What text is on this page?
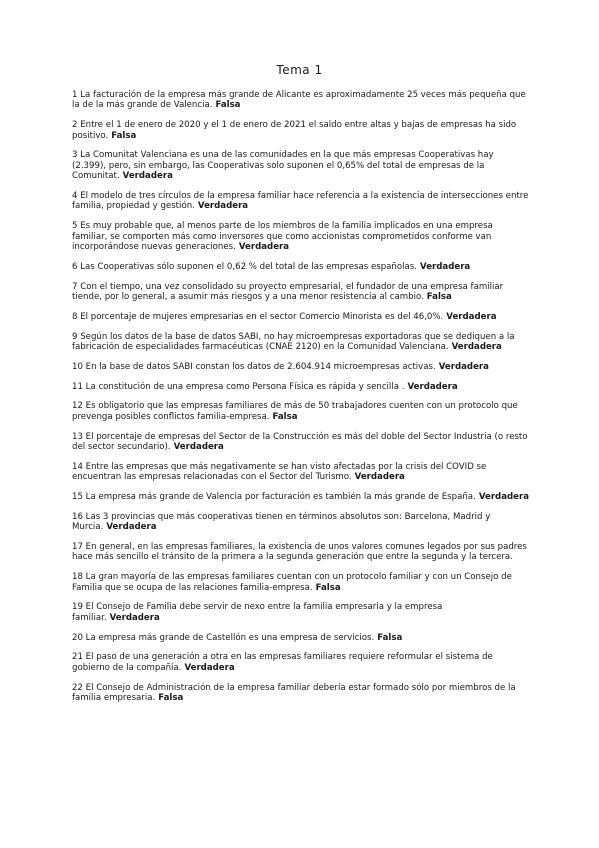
Tema 1
1 La facturación de la empresa más grande de Alicante es aproximadamente 25 veces más pequeña que la de la más grande de Valencia. Falsa
2 Entre el 1 de enero de 2020 y el 1 de enero de 2021 el saldo entre altas y bajas de empresas ha sido positivo. Falsa
3 La Comunitat Valenciana es una de las comunidades en la que más empresas Cooperativas hay (2.399), pero, sin embargo, las Cooperativas solo suponen el 0,65% del total de empresas de la Comunitat. Verdadera
4 El modelo de tres círculos de la empresa familiar hace referencia a la existencia de intersecciones entre familia, propiedad y gestión. Verdadera
5 Es muy probable que, al menos parte de los miembros de la familia implicados en una empresa familiar, se comporten más como inversores que como accionistas comprometidos conforme van incorporándose nuevas generaciones. Verdadera
6 Las Cooperativas sólo suponen el 0,62 % del total de las empresas españolas. Verdadera
7 Con el tiempo, una vez consolidado su proyecto empresarial, el fundador de una empresa familiar tiende, por lo general, a asumir más riesgos y a una menor resistencia al cambio. Falsa
8 El porcentaje de mujeres empresarias en el sector Comercio Minorista es del 46,0%. Verdadera
9 Según los datos de la base de datos SABI, no hay microempresas exportadoras que se dediquen a la fabricación de especialidades farmacéuticas (CNAE 2120) en la Comunidad Valenciana. Verdadera
10 En la base de datos SABI constan los datos de 2.604.914 microempresas activas. Verdadera
11 La constitución de una empresa como Persona Física es rápida y sencilla . Verdadera
12 Es obligatorio que las empresas familiares de más de 50 trabajadores cuenten con un protocolo que prevenga posibles conflictos familia-empresa. Falsa
13 El porcentaje de empresas del Sector de la Construcción es más del doble del Sector Industria (o resto del sector secundario). Verdadera
14 Entre las empresas que más negativamente se han visto afectadas por la crisis del COVID se encuentran las empresas relacionadas con el Sector del Turismo. Verdadera
15 La empresa más grande de Valencia por facturación es también la más grande de España. Verdadera
16 Las 3 provincias que más cooperativas tienen en términos absolutos son: Barcelona, Madrid y Murcia. Verdadera
17 En general, en las empresas familiares, la existencia de unos valores comunes legados por sus padres hace más sencillo el tránsito de la primera a la segunda generación que entre la segunda y la tercera.
18 La gran mayoría de las empresas familiares cuentan con un protocolo familiar y con un Consejo de Familia que se ocupa de las relaciones familia-empresa. Falsa
19 El Consejo de Familia debe servir de nexo entre la familia empresaria y la empresa familiar. Verdadera
20 La empresa más grande de Castellón es una empresa de servicios. Falsa
21 El paso de una generación a otra en las empresas familiares requiere reformular el sistema de gobierno de la compañía. Verdadera
22 El Consejo de Administración de la empresa familiar debería estar formado sólo por miembros de la familia empresaria. Falsa
